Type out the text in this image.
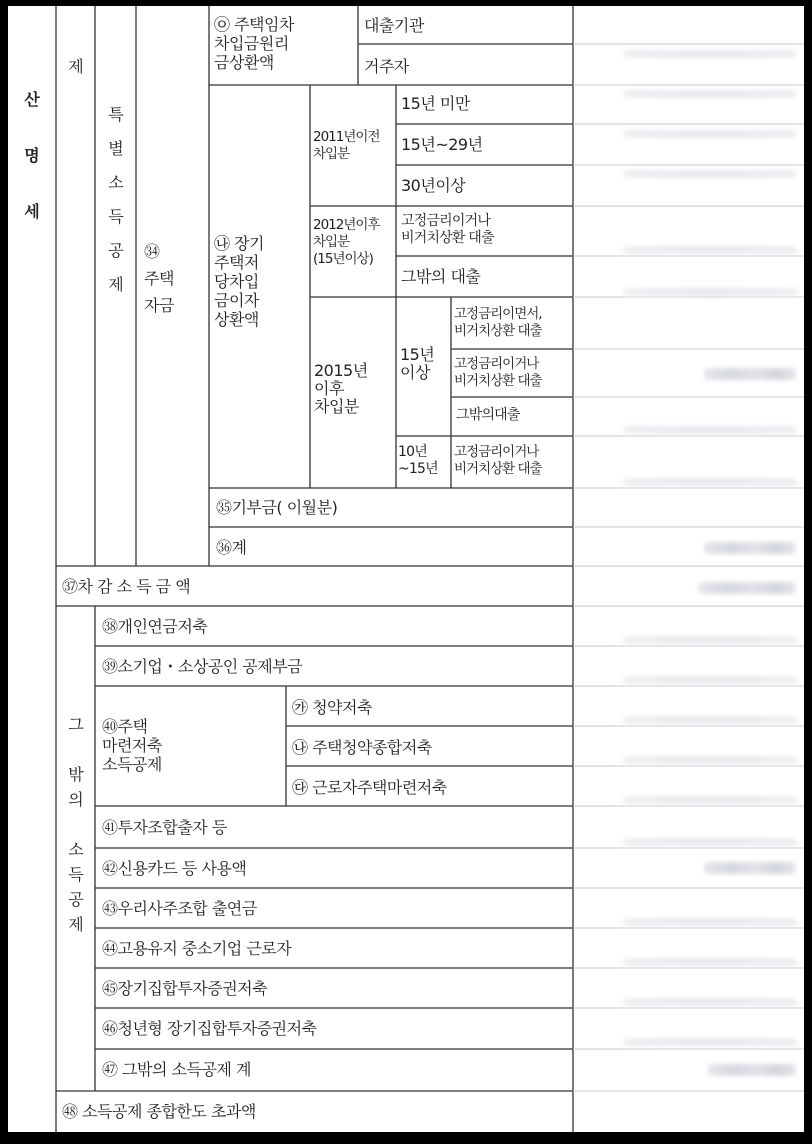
산

명

세
제
특
별
소
득
공
제
㉞
주택
자금
㉧ 주택임차
차입금원리
금상환액
대출기관
거주자
㉯ 장기
주택저
당차입
금이자
상환액
2011년이전
차입분
15년 미만
15년~29년
30년이상
2012년이후
차입분
(15년이상)
고정금리이거나
비거치상환 대출
그밖의 대출
2015년
이후
차입분
15년
이상
고정금리이면서,
비거치상환 대출
고정금리이거나
비거치상환 대출
그밖의대출
10년
~15년
고정금리이거나
비거치상환 대출
㉟기부금( 이월분)
㊱계
㊲차 감 소 득 금 액
그

밖
의

소
득
공
제
㊳개인연금저축
㊴소기업・소상공인 공제부금
㊵주택
마련저축
소득공제
㉮ 청약저축
㉯ 주택청약종합저축
㉰ 근로자주택마련저축
㊶투자조합출자 등
㊷신용카드 등 사용액
㊸우리사주조합 출연금
㊹고용유지 중소기업 근로자
㊺장기집합투자증권저축
㊻청년형 장기집합투자증권저축
㊼ 그밖의 소득공제 계
㊽ 소득공제 종합한도 초과액
